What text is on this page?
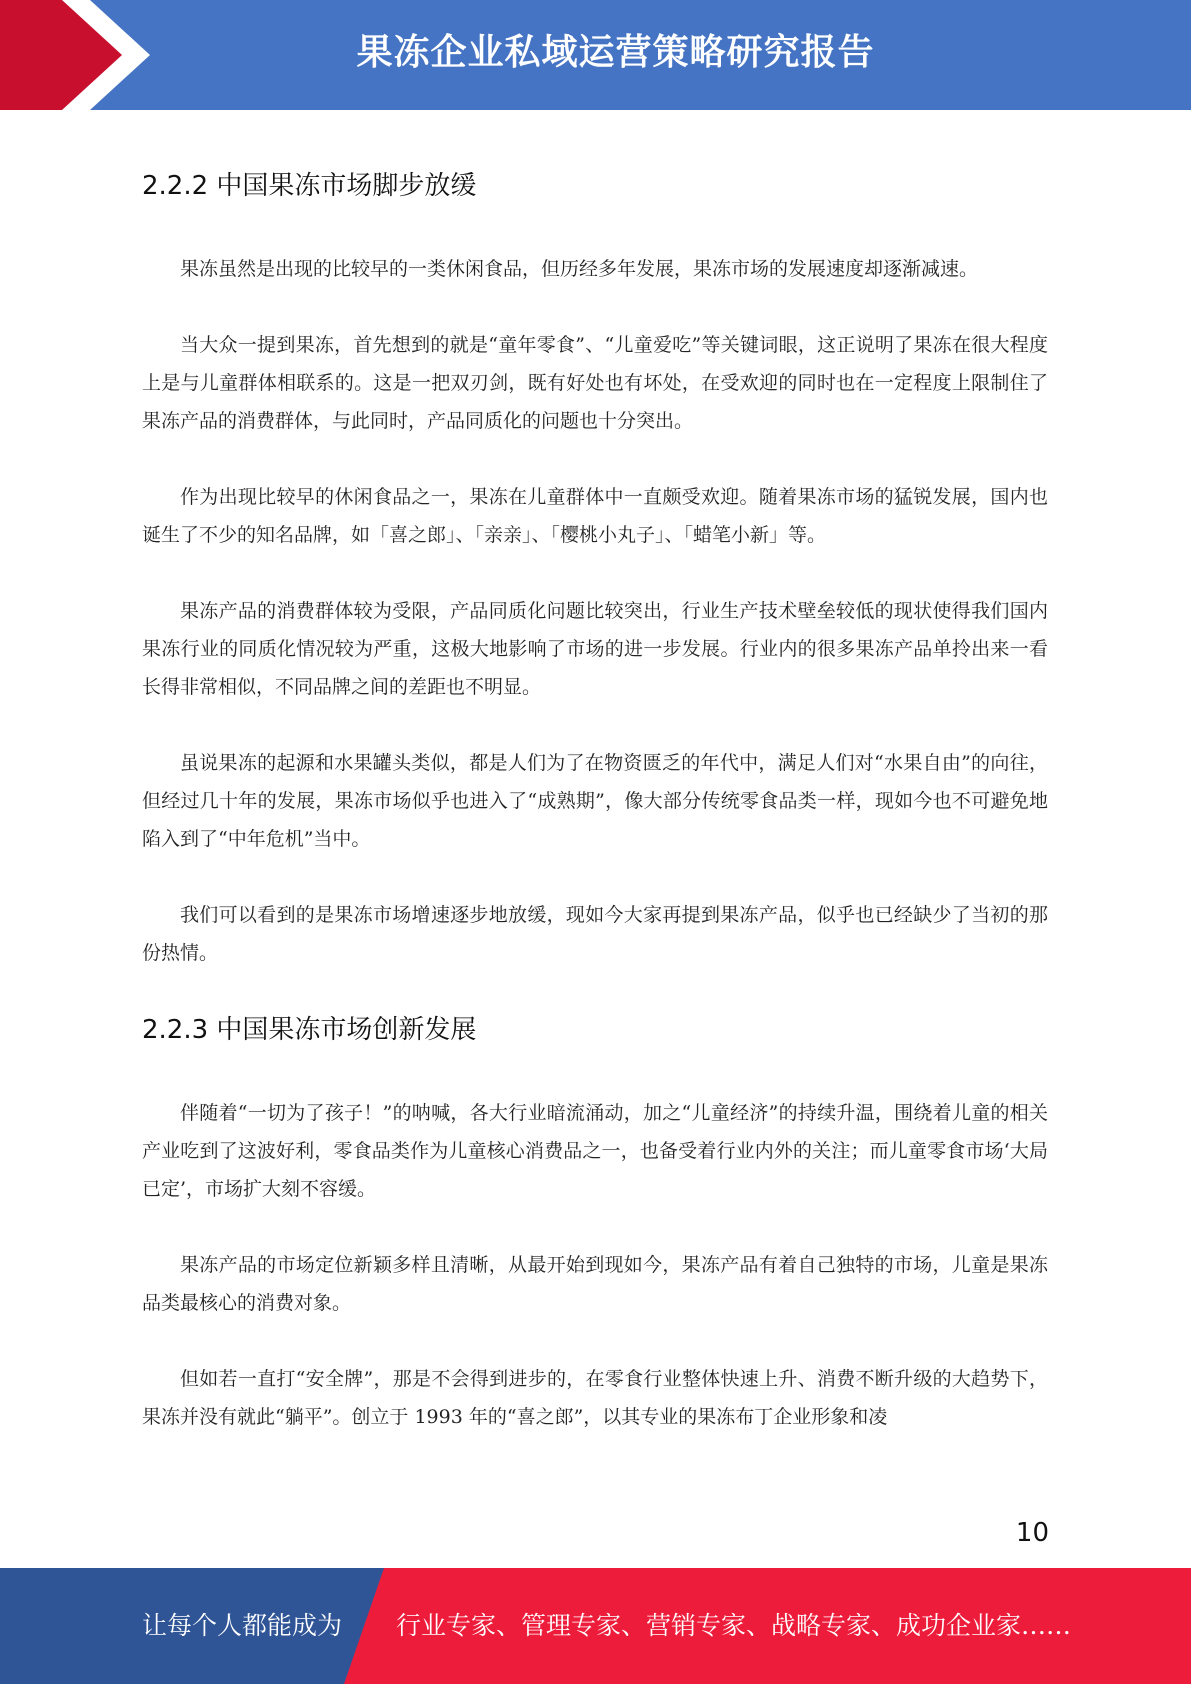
果冻企业私域运营策略研究报告
2.2.2 中国果冻市场脚步放缓

果冻虽然是出现的比较早的一类休闲食品，但历经多年发展，果冻市场的发展速度却逐渐减速。

当大众一提到果冻，首先想到的就是“童年零食”、“儿童爱吃”等关键词眼，这正说明了果冻在很大程度上是与儿童群体相联系的。这是一把双刃剑，既有好处也有坏处，在受欢迎的同时也在一定程度上限制住了果冻产品的消费群体，与此同时，产品同质化的问题也十分突出。

作为出现比较早的休闲食品之一，果冻在儿童群体中一直颇受欢迎。随着果冻市场的猛锐发展，国内也诞生了不少的知名品牌，如「喜之郎」、「亲亲」、「樱桃小丸子」、「蜡笔小新」等。

果冻产品的消费群体较为受限，产品同质化问题比较突出，行业生产技术壁垒较低的现状使得我们国内果冻行业的同质化情况较为严重，这极大地影响了市场的进一步发展。行业内的很多果冻产品单拎出来一看长得非常相似，不同品牌之间的差距也不明显。

虽说果冻的起源和水果罐头类似，都是人们为了在物资匮乏的年代中，满足人们对“水果自由”的向往，但经过几十年的发展，果冻市场似乎也进入了“成熟期”，像大部分传统零食品类一样，现如今也不可避免地陷入到了“中年危机”当中。

我们可以看到的是果冻市场增速逐步地放缓，现如今大家再提到果冻产品，似乎也已经缺少了当初的那份热情。

2.2.3 中国果冻市场创新发展

伴随着“一切为了孩子！”的呐喊，各大行业暗流涌动，加之“儿童经济”的持续升温，围绕着儿童的相关产业吃到了这波好利，零食品类作为儿童核心消费品之一，也备受着行业内外的关注；而儿童零食市场‘大局已定’，市场扩大刻不容缓。

果冻产品的市场定位新颖多样且清晰，从最开始到现如今，果冻产品有着自己独特的市场，儿童是果冻品类最核心的消费对象。

但如若一直打“安全牌”，那是不会得到进步的，在零食行业整体快速上升、消费不断升级的大趋势下，果冻并没有就此“躺平”。创立于 1993 年的“喜之郎”，以其专业的果冻布丁企业形象和凌

10
让每个人都能成为 行业专家、管理专家、营销专家、战略专家、成功企业家……
